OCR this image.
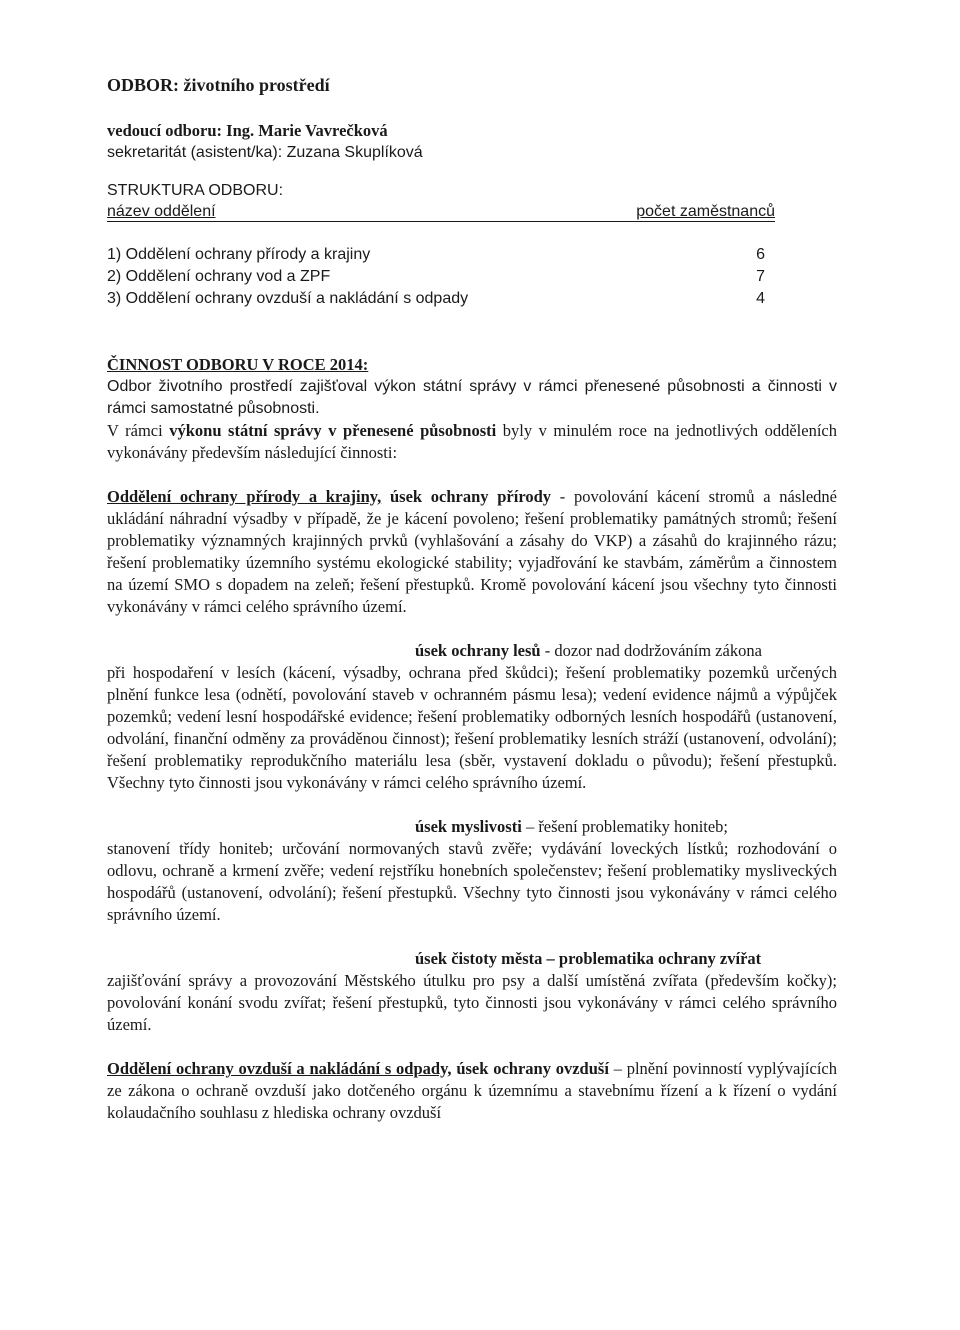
ODBOR: životního prostředí

vedoucí odboru: Ing. Marie Vavrečková

sekretaritát (asistent/ka): Zuzana Skuplíková

STRUKTURA ODBORU:
název oddělení	počet zaměstnanců
1) Oddělení ochrany přírody a krajiny	6
2) Oddělení ochrany vod a ZPF	7
3) Oddělení ochrany ovzduší a nakládání s odpady	4

ČINNOST ODBORU V ROCE 2014:

Odbor životního prostředí zajišťoval výkon státní správy v rámci přenesené působnosti a činnosti v rámci samostatné působnosti.

V rámci výkonu státní správy v přenesené působnosti byly v minulém roce na jednotlivých odděleních vykonávány především následující činnosti:

Oddělení ochrany přírody a krajiny, úsek ochrany přírody - povolování kácení stromů a následné ukládání náhradní výsadby v případě, že je kácení povoleno; řešení problematiky památných stromů; řešení problematiky významných krajinných prvků (vyhlašování a zásahy do VKP) a zásahů do krajinného rázu; řešení problematiky územního systému ekologické stability; vyjadřování ke stavbám, záměrům a činnostem na území SMO s dopadem na zeleň; řešení přestupků. Kromě povolování kácení jsou všechny tyto činnosti vykonávány v rámci celého správního území.

úsek ochrany lesů - dozor nad dodržováním zákona

při hospodaření v lesích (kácení, výsadby, ochrana před škůdci); řešení problematiky pozemků určených plnění funkce lesa (odnětí, povolování staveb v ochranném pásmu lesa); vedení evidence nájmů a výpůjček pozemků; vedení lesní hospodářské evidence; řešení problematiky odborných lesních hospodářů (ustanovení, odvolání, finanční odměny za prováděnou činnost); řešení problematiky lesních stráží (ustanovení, odvolání); řešení problematiky reprodukčního materiálu lesa (sběr, vystavení dokladu o původu); řešení přestupků. Všechny tyto činnosti jsou vykonávány v rámci celého správního území.

úsek myslivosti – řešení problematiky honiteb;

stanovení třídy honiteb; určování normovaných stavů zvěře; vydávání loveckých lístků; rozhodování o odlovu, ochraně a krmení zvěře; vedení rejstříku honebních společenstev; řešení problematiky mysliveckých hospodářů (ustanovení, odvolání); řešení přestupků. Všechny tyto činnosti jsou vykonávány v rámci celého správního území.

úsek čistoty města – problematika ochrany zvířat

zajišťování správy a provozování Městského útulku pro psy a další umístěná zvířata (především kočky); povolování konání svodu zvířat; řešení přestupků, tyto činnosti jsou vykonávány v rámci celého správního území.

Oddělení ochrany ovzduší a nakládání s odpady, úsek ochrany ovzduší – plnění povinností vyplývajících ze zákona o ochraně ovzduší jako dotčeného orgánu k územnímu a stavebnímu řízení a k řízení o vydání kolaudačního souhlasu z hlediska ochrany ovzduší
